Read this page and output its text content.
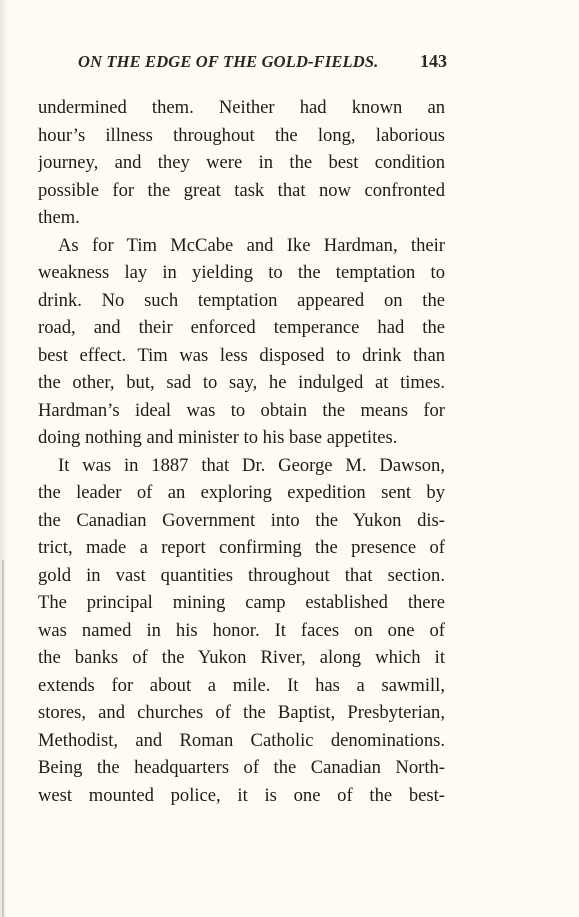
ON THE EDGE OF THE GOLD-FIELDS.	143
undermined them. Neither had known an
hour’s illness throughout the long, laborious
journey, and they were in the best condition
possible for the great task that now confronted
them.
As for Tim McCabe and Ike Hardman, their
weakness lay in yielding to the temptation to
drink. No such temptation appeared on the
road, and their enforced temperance had the
best effect. Tim was less disposed to drink than
the other, but, sad to say, he indulged at times.
Hardman’s ideal was to obtain the means for
doing nothing and minister to his base appetites.
It was in 1887 that Dr. George M. Dawson,
the leader of an exploring expedition sent by
the Canadian Government into the Yukon dis-
trict, made a report confirming the presence of
gold in vast quantities throughout that section.
The principal mining camp established there
was named in his honor. It faces on one of
the banks of the Yukon River, along which it
extends for about a mile. It has a sawmill,
stores, and churches of the Baptist, Presbyterian,
Methodist, and Roman Catholic denominations.
Being the headquarters of the Canadian North-
west mounted police, it is one of the best-
